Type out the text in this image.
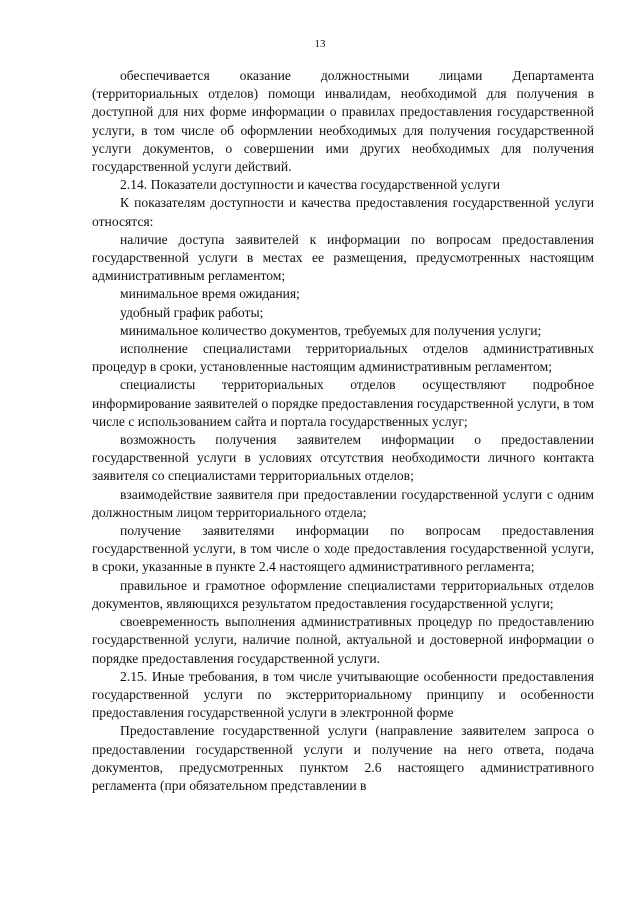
13

обеспечивается оказание должностными лицами Департамента (территориальных отделов) помощи инвалидам, необходимой для получения в доступной для них форме информации о правилах предоставления государственной услуги, в том числе об оформлении необходимых для получения государственной услуги документов, о совершении ими других необходимых для получения государственной услуги действий.

2.14. Показатели доступности и качества государственной услуги

К показателям доступности и качества предоставления государственной услуги относятся:

наличие доступа заявителей к информации по вопросам предоставления государственной услуги в местах ее размещения, предусмотренных настоящим административным регламентом;

минимальное время ожидания;

удобный график работы;

минимальное количество документов, требуемых для получения услуги;

исполнение специалистами территориальных отделов административных процедур в сроки, установленные настоящим административным регламентом;

специалисты территориальных отделов осуществляют подробное информирование заявителей о порядке предоставления государственной услуги, в том числе с использованием сайта и портала государственных услуг;

возможность получения заявителем информации о предоставлении государственной услуги в условиях отсутствия необходимости личного контакта заявителя со специалистами территориальных отделов;

взаимодействие заявителя при предоставлении государственной услуги с одним должностным лицом территориального отдела;

получение заявителями информации по вопросам предоставления государственной услуги, в том числе о ходе предоставления государственной услуги, в сроки, указанные в пункте 2.4 настоящего административного регламента;

правильное и грамотное оформление специалистами территориальных отделов документов, являющихся результатом предоставления государственной услуги;

своевременность выполнения административных процедур по предоставлению государственной услуги, наличие полной, актуальной и достоверной информации о порядке предоставления государственной услуги.

2.15. Иные требования, в том числе учитывающие особенности предоставления государственной услуги по экстерриториальному принципу и особенности предоставления государственной услуги в электронной форме

Предоставление государственной услуги (направление заявителем запроса о предоставлении государственной услуги и получение на него ответа, подача документов, предусмотренных пунктом 2.6 настоящего административного регламента (при обязательном представлении в
